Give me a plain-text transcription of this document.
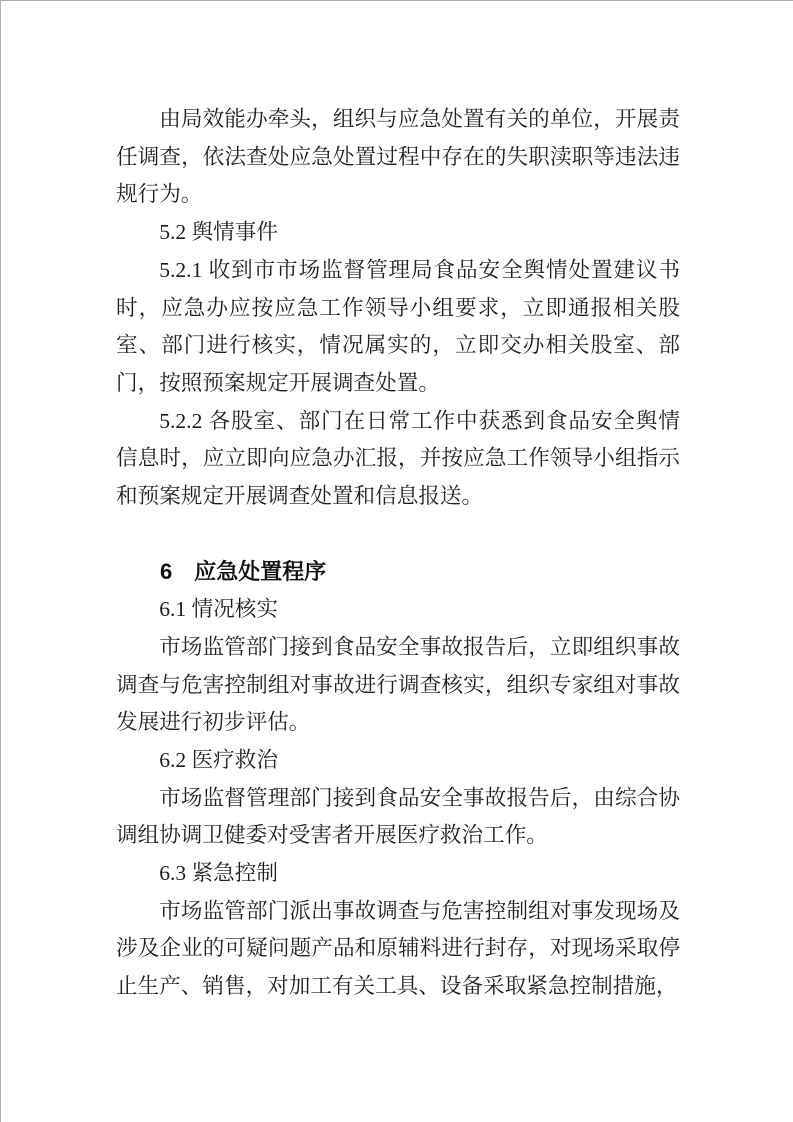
由局效能办牵头，组织与应急处置有关的单位，开展责任调查，依法查处应急处置过程中存在的失职渎职等违法违规行为。

5.2 舆情事件

5.2.1 收到市市场监督管理局食品安全舆情处置建议书时，应急办应按应急工作领导小组要求，立即通报相关股室、部门进行核实，情况属实的，立即交办相关股室、部门，按照预案规定开展调查处置。

5.2.2 各股室、部门在日常工作中获悉到食品安全舆情信息时，应立即向应急办汇报，并按应急工作领导小组指示和预案规定开展调查处置和信息报送。

6　应急处置程序

6.1 情况核实

市场监管部门接到食品安全事故报告后，立即组织事故调查与危害控制组对事故进行调查核实，组织专家组对事故发展进行初步评估。

6.2 医疗救治

市场监督管理部门接到食品安全事故报告后，由综合协调组协调卫健委对受害者开展医疗救治工作。

6.3 紧急控制

市场监管部门派出事故调查与危害控制组对事发现场及涉及企业的可疑问题产品和原辅料进行封存，对现场采取停止生产、销售，对加工有关工具、设备采取紧急控制措施，
